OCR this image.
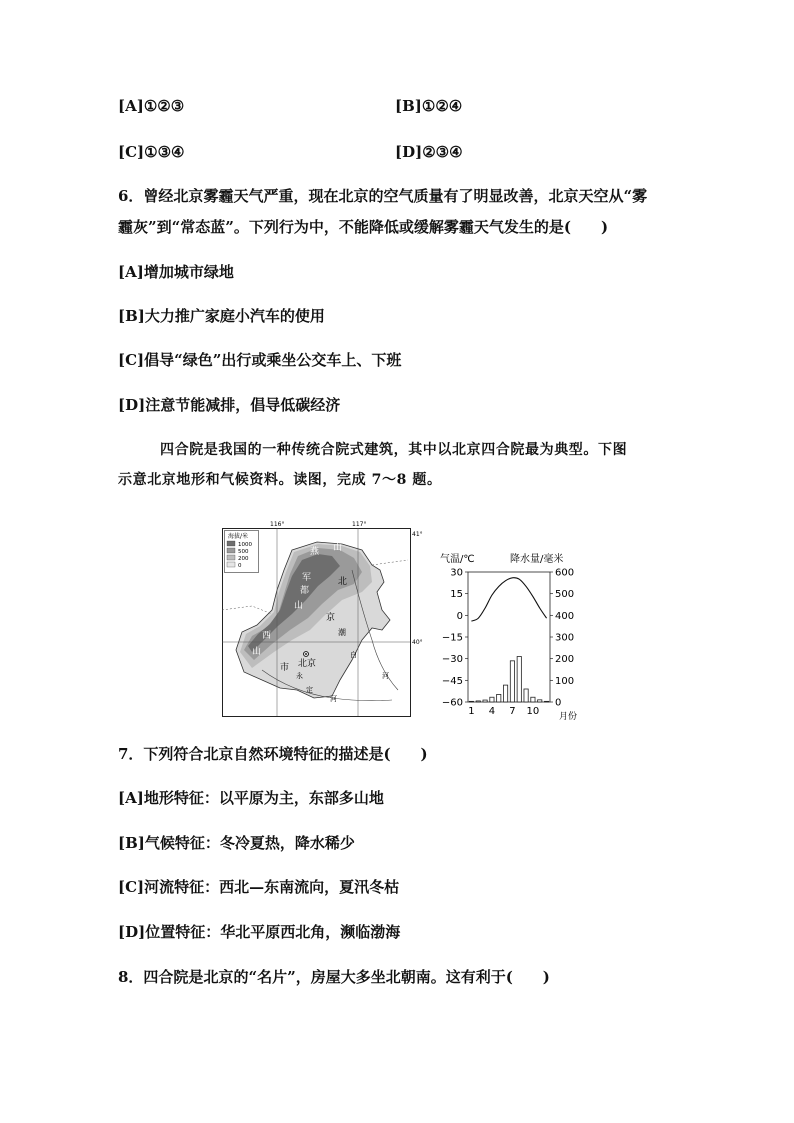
[A]①②③	[B]①②④
[C]①③④	[D]②③④
6．曾经北京雾霾天气严重，现在北京的空气质量有了明显改善，北京天空从“雾
霾灰”到“常态蓝”。下列行为中，不能降低或缓解雾霾天气发生的是(　　)
[A]增加城市绿地
[B]大力推广家庭小汽车的使用
[C]倡导“绿色”出行或乘坐公交车上、下班
[D]注意节能减排，倡导低碳经济
四合院是我国的一种传统合院式建筑，其中以北京四合院最为典型。下图
示意北京地形和气候资料。读图，完成 7～8 题。
海拔/米
1000
500
200
0
116°	117°
41°
40°
燕 山
北
军
都
山
京
潮
白
河
西
山
市 北京
永
定
河
气温/℃	降水量/毫米
月份
30
15
0
−15
−30
−45
−60
600
500
400
300
200
100
0
1 4 7 10
7．下列符合北京自然环境特征的描述是(　　)
[A]地形特征：以平原为主，东部多山地
[B]气候特征：冬冷夏热，降水稀少
[C]河流特征：西北—东南流向，夏汛冬枯
[D]位置特征：华北平原西北角，濒临渤海
8．四合院是北京的“名片”，房屋大多坐北朝南。这有利于(　　)
